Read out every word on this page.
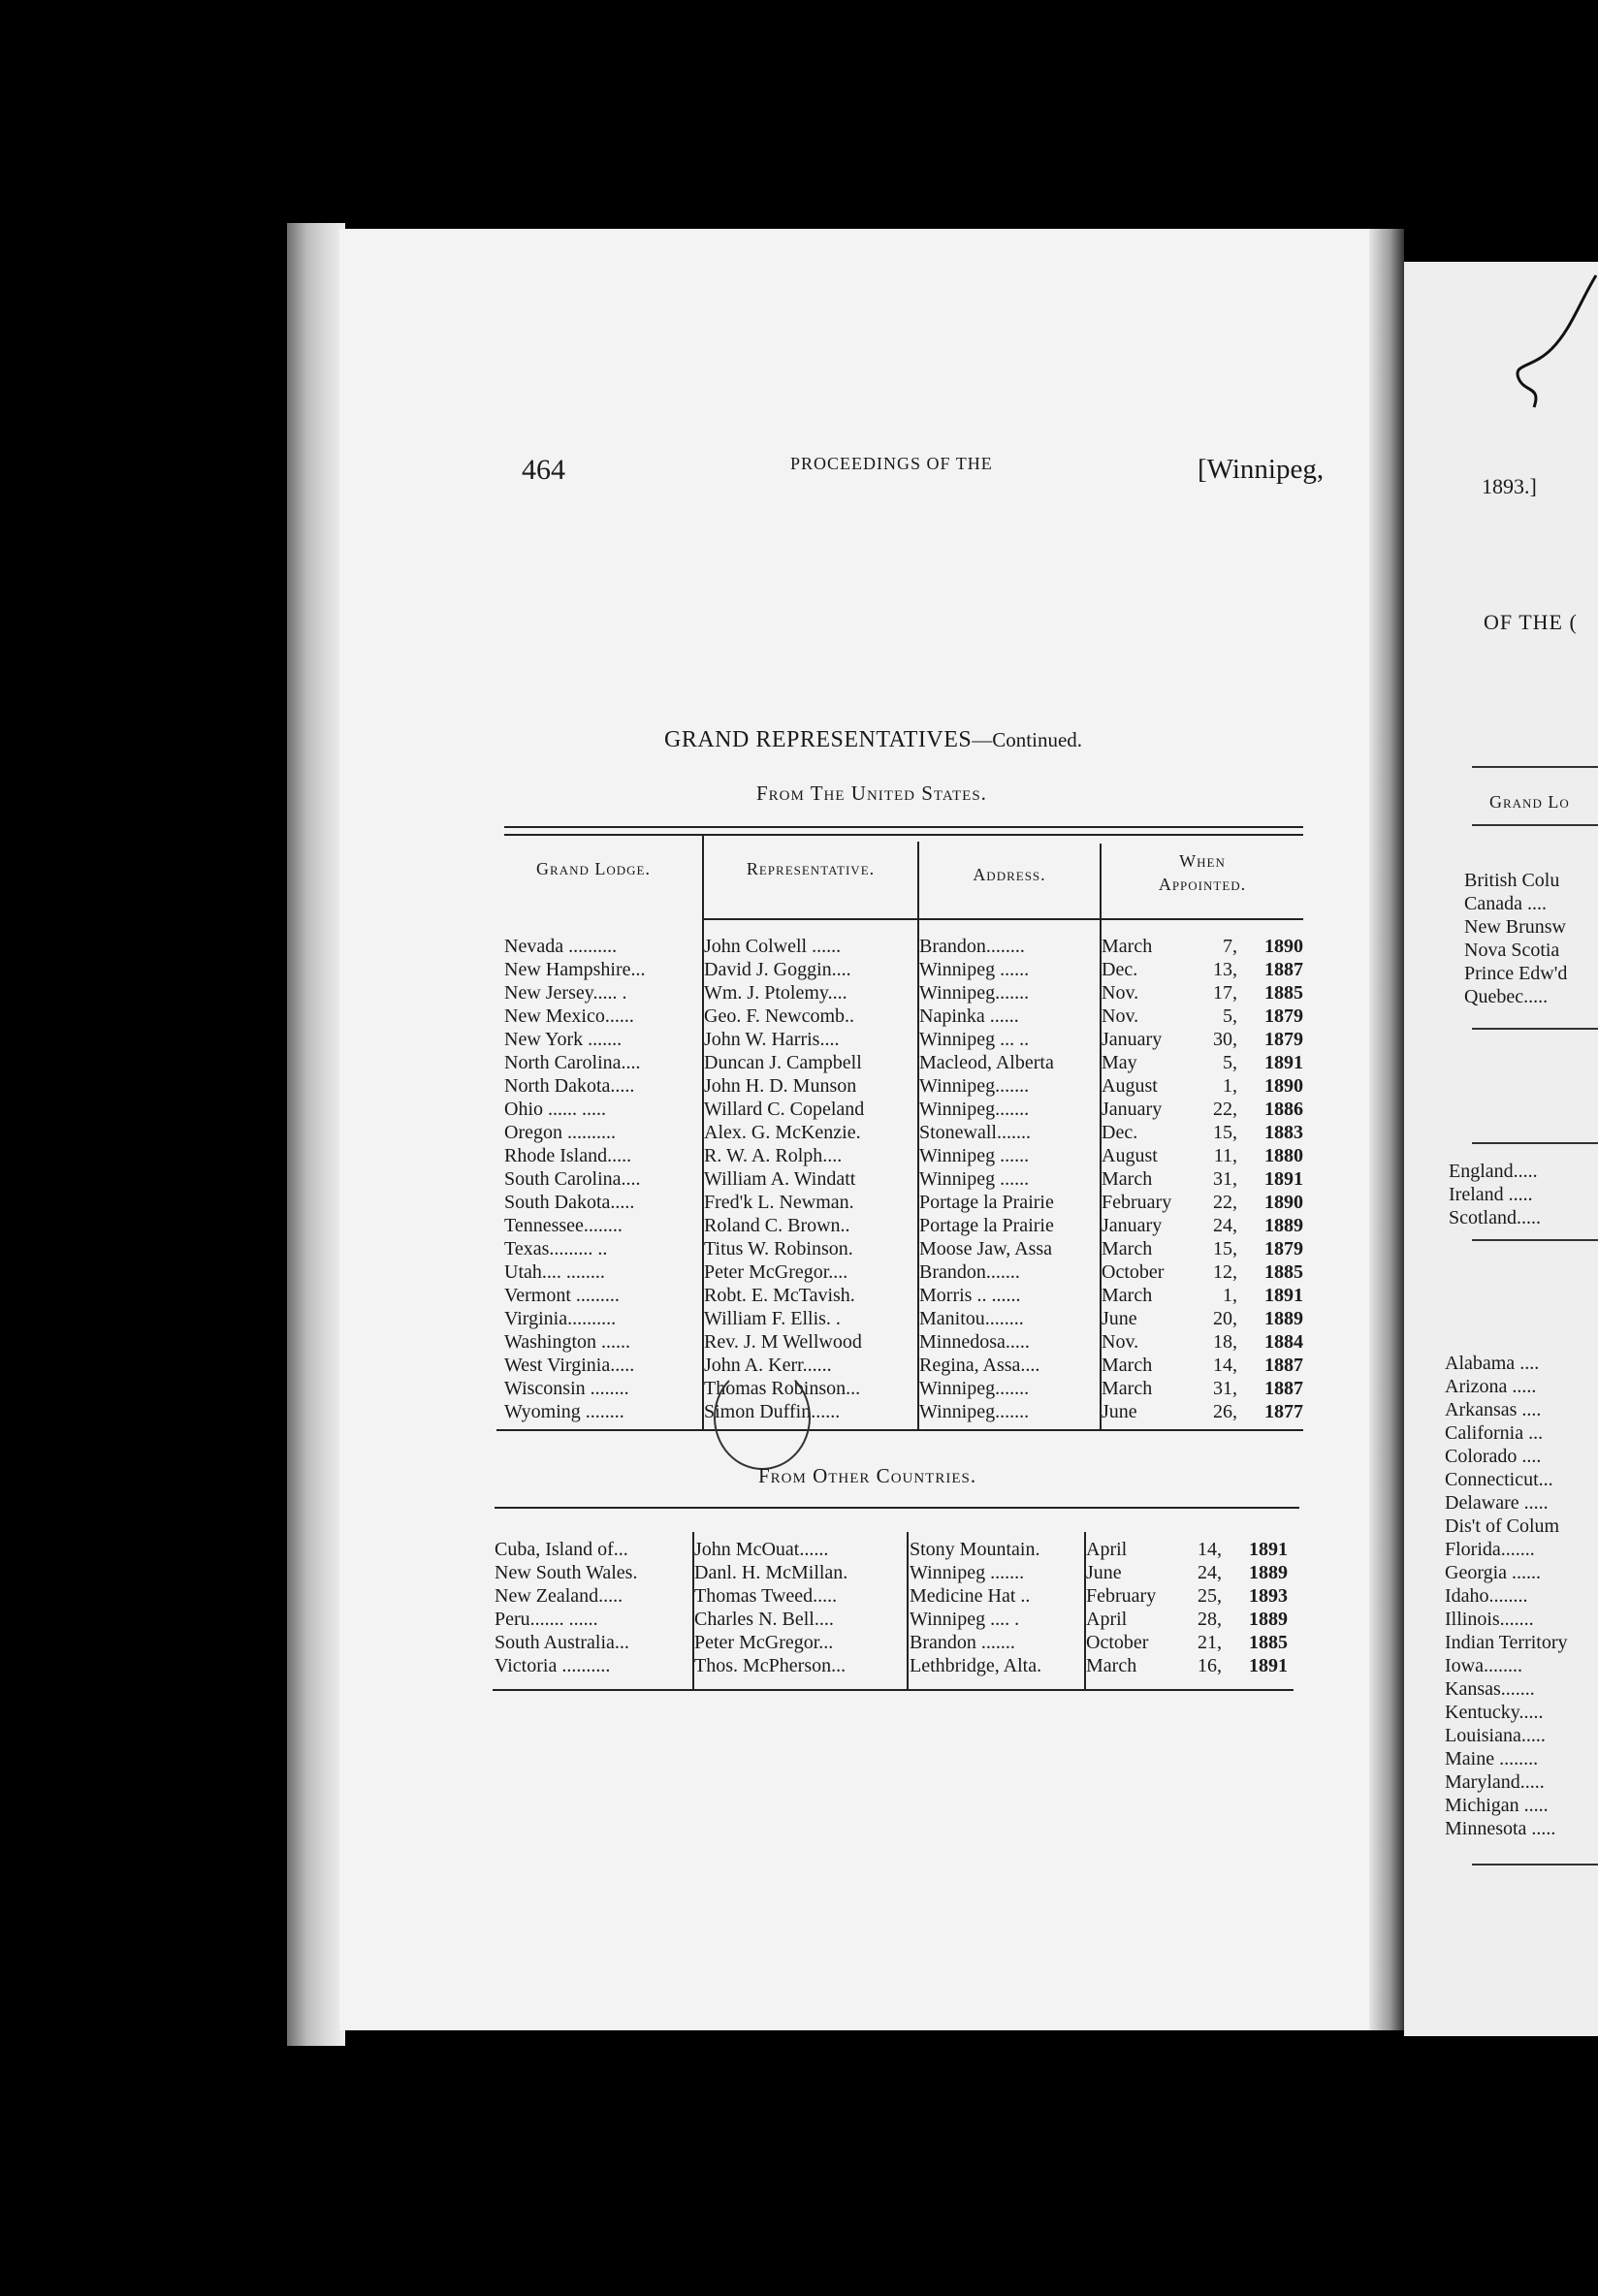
464	PROCEEDINGS OF THE	[Winnipeg,
GRAND REPRESENTATIVES—Continued.
From The United States.
Grand Lodge.	Representative.	Address.
When
Appointed.
Nevada ..........	John Colwell ......	Brandon........	March	7,	1890
New Hampshire...	David J. Goggin....	Winnipeg ......	Dec.	13,	1887
New Jersey..... .	Wm. J. Ptolemy....	Winnipeg.......	Nov.	17,	1885
New Mexico......	Geo. F. Newcomb..	Napinka ......	Nov.	5,	1879
New York .......	John W. Harris....	Winnipeg ... ..	January	30,	1879
North Carolina....	Duncan J. Campbell	Macleod, Alberta	May	5,	1891
North Dakota.....	John H. D. Munson	Winnipeg.......	August	1,	1890
Ohio ...... .....	Willard C. Copeland	Winnipeg.......	January	22,	1886
Oregon ..........	Alex. G. McKenzie.	Stonewall.......	Dec.	15,	1883
Rhode Island.....	R. W. A. Rolph....	Winnipeg ......	August	11,	1880
South Carolina....	William A. Windatt	Winnipeg ......	March	31,	1891
South Dakota.....	Fred'k L. Newman.	Portage la Prairie	February	22,	1890
Tennessee........	Roland C. Brown..	Portage la Prairie	January	24,	1889
Texas......... ..	Titus W. Robinson.	Moose Jaw, Assa	March	15,	1879
Utah.... ........	Peter McGregor....	Brandon.......	October	12,	1885
Vermont .........	Robt. E. McTavish.	Morris .. ......	March	1,	1891
Virginia..........	William F. Ellis. .	Manitou........	June	20,	1889
Washington ......	Rev. J. M Wellwood	Minnedosa.....	Nov.	18,	1884
West Virginia.....	John A. Kerr......	Regina, Assa....	March	14,	1887
Wisconsin ........	Thomas Robinson...	Winnipeg.......	March	31,	1887
Wyoming ........	Simon Duffin......	Winnipeg.......	June	26,	1877
From Other Countries.
Cuba, Island of...	John McOuat......	Stony Mountain.	April	14,	1891
New South Wales.	Danl. H. McMillan.	Winnipeg .......	June	24,	1889
New Zealand.....	Thomas Tweed.....	Medicine Hat ..	February	25,	1893
Peru....... ......	Charles N. Bell....	Winnipeg .... .	April	28,	1889
South Australia...	Peter McGregor...	Brandon .......	October	21,	1885
Victoria ..........	Thos. McPherson...	Lethbridge, Alta.	March	16,	1891
1893.]
OF THE (
Grand Lo
British Colu
Canada ....
New Brunsw
Nova Scotia
Prince Edw'd
Quebec.....
England.....
Ireland .....
Scotland.....
Alabama ....
Arizona .....
Arkansas ....
California ...
Colorado ....
Connecticut...
Delaware .....
Dis't of Colum
Florida.......
Georgia ......
Idaho........
Illinois.......
Indian Territory
Iowa........
Kansas.......
Kentucky.....
Louisiana.....
Maine ........
Maryland.....
Michigan .....
Minnesota .....
